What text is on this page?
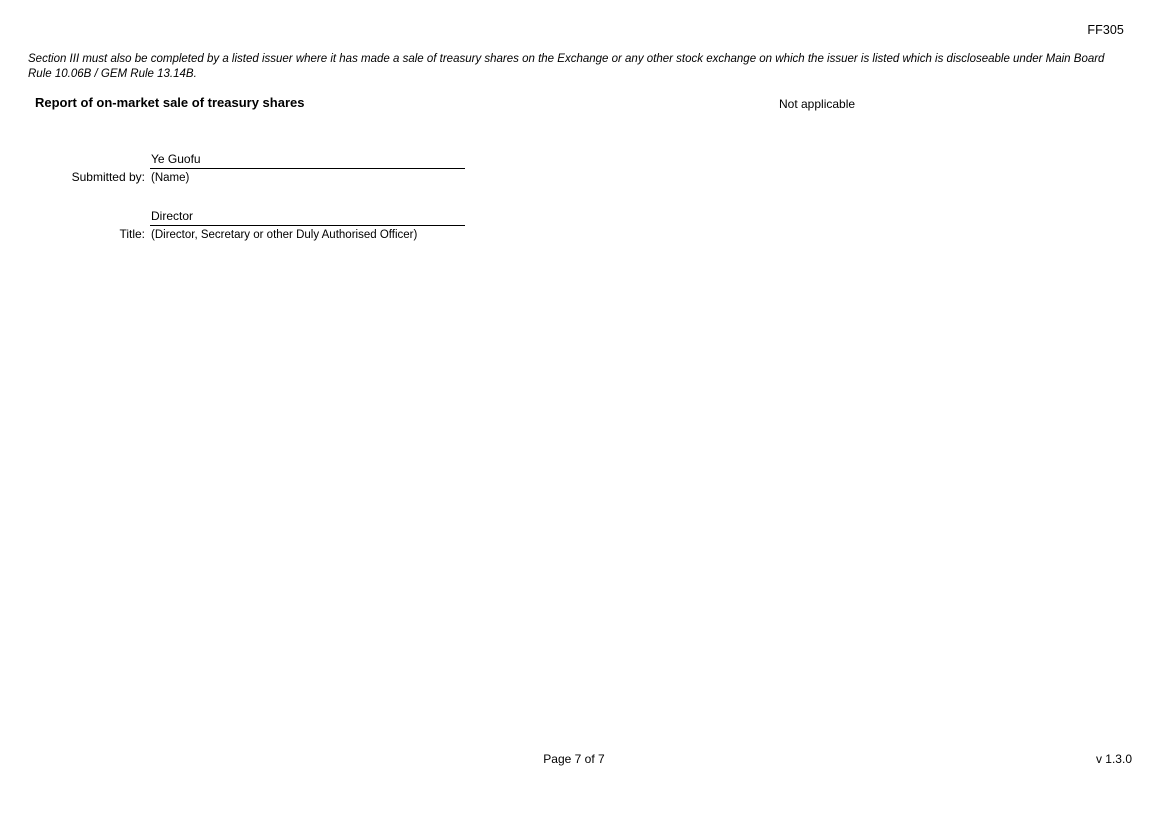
FF305
Section III must also be completed by a listed issuer where it has made a sale of treasury shares on the Exchange or any other stock exchange on which the issuer is listed which is discloseable under Main Board Rule 10.06B / GEM Rule 13.14B.
Report of on-market sale of treasury shares	Not applicable
Submitted by:
Ye Guofu
(Name)
Title:
Director
(Director, Secretary or other Duly Authorised Officer)
Page 7 of 7	v 1.3.0
